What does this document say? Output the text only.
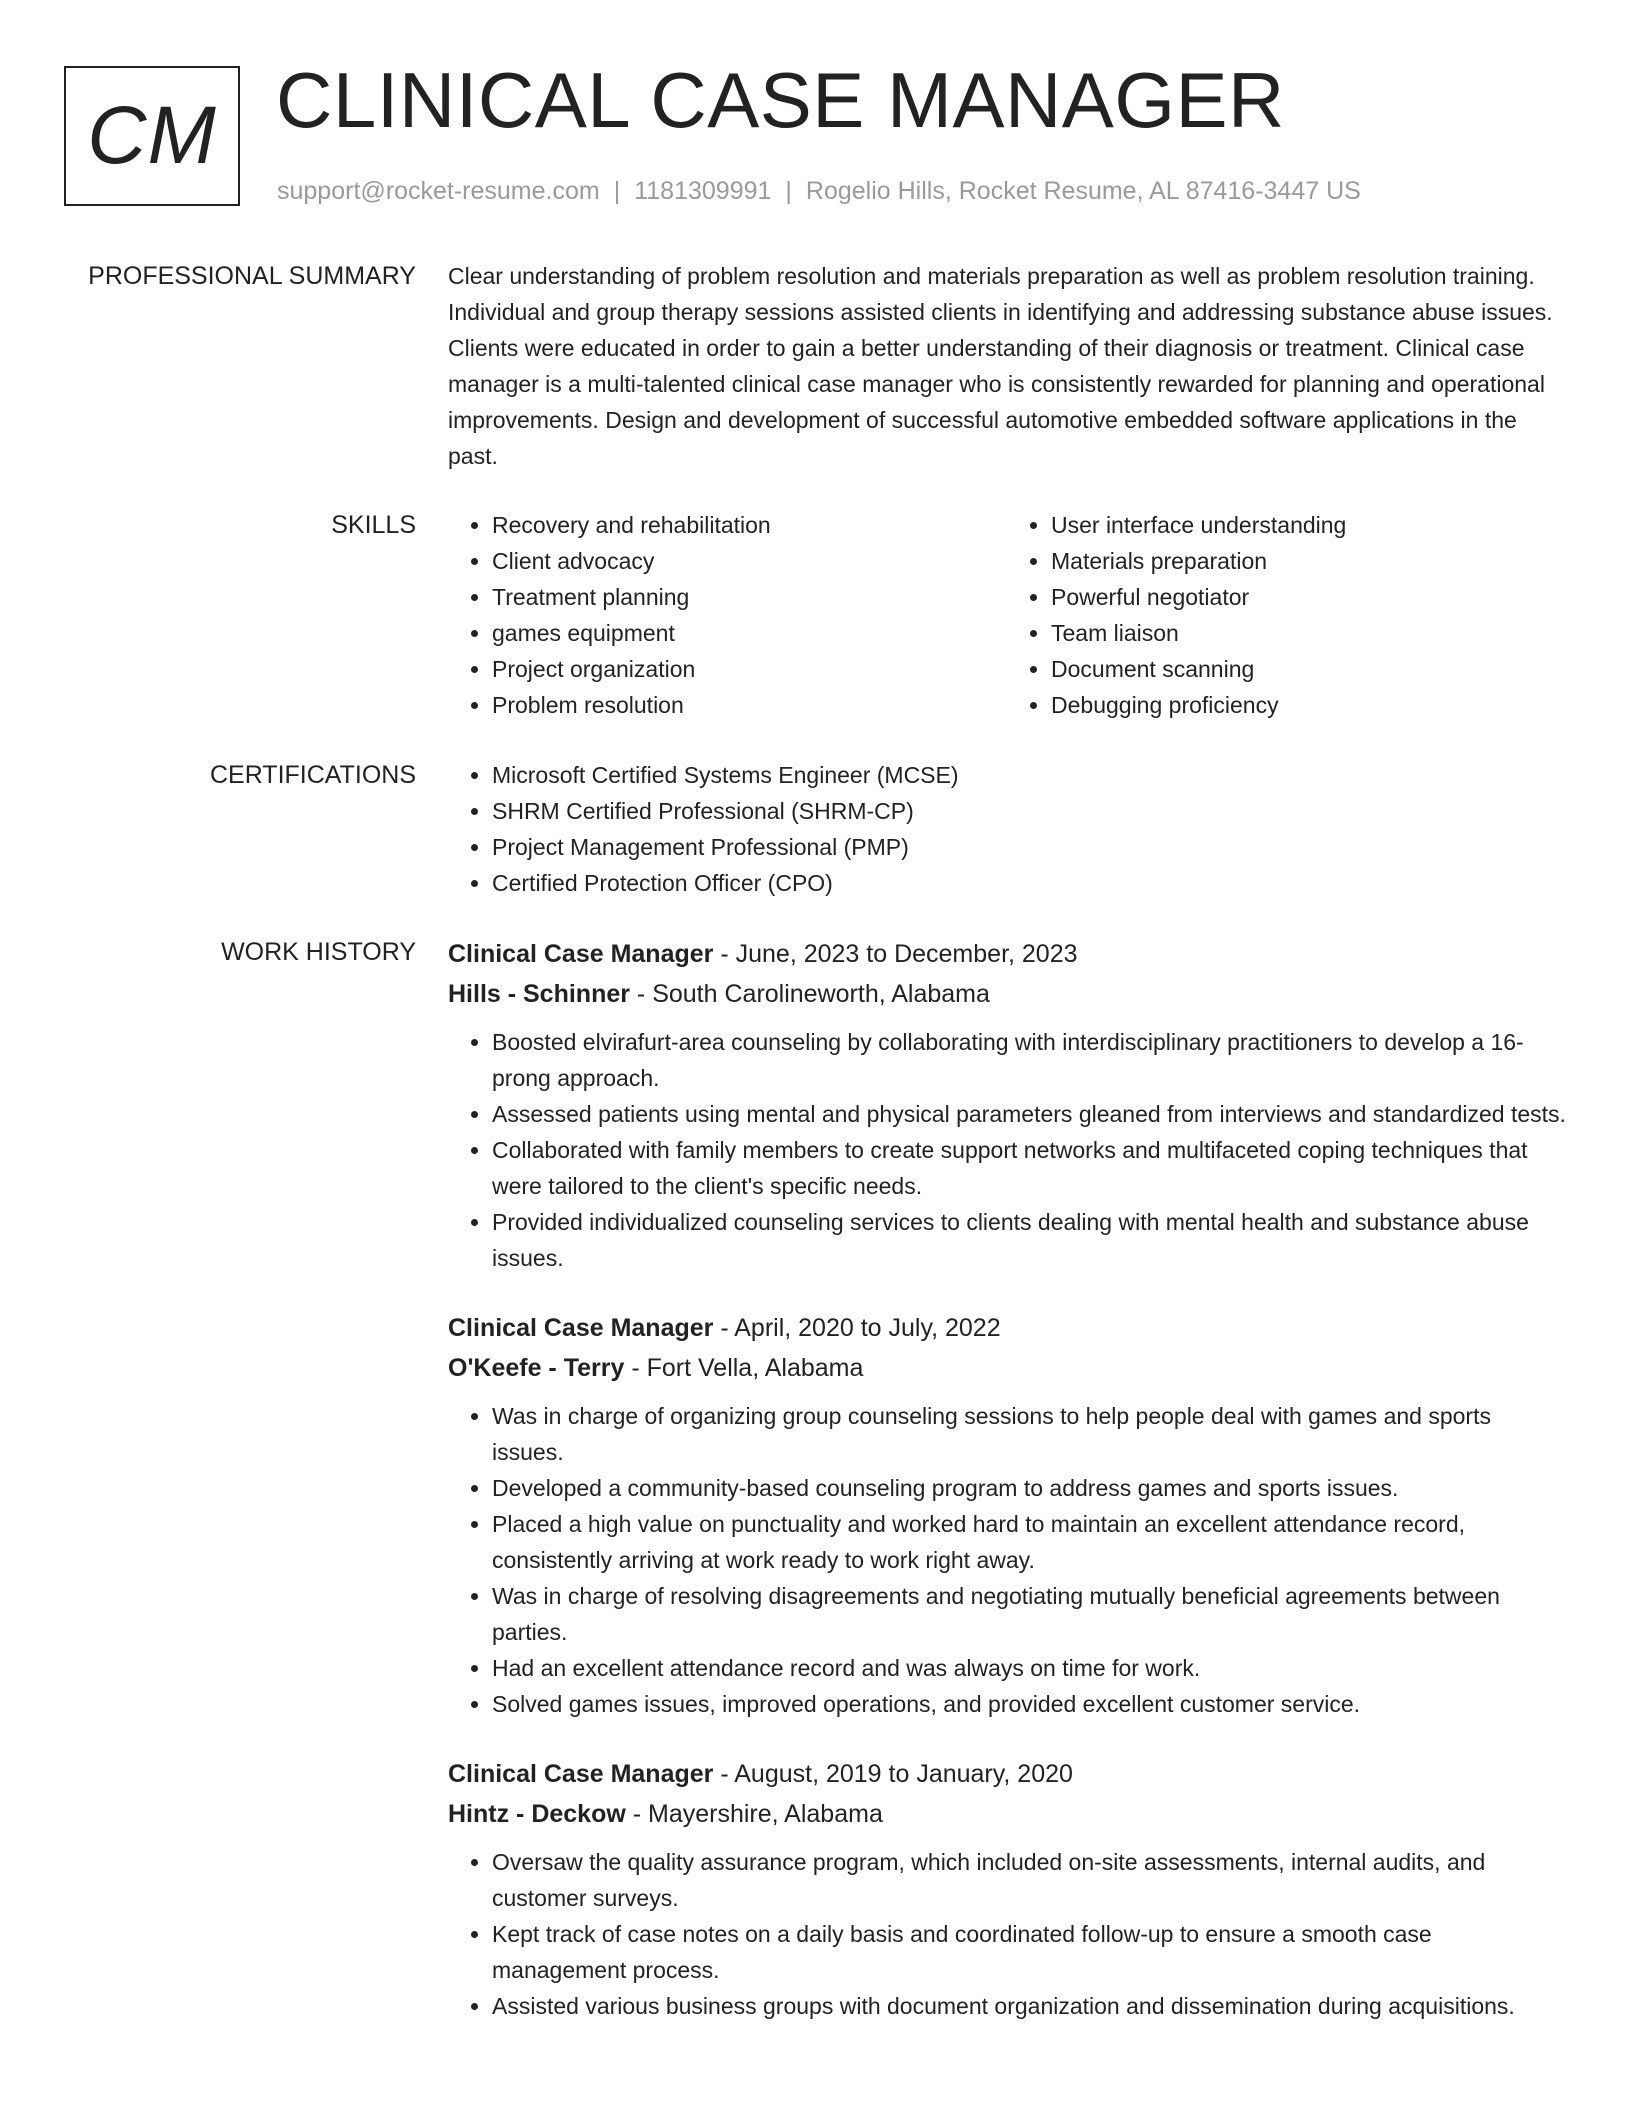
CM CLINICAL CASE MANAGER
support@rocket-resume.com | 1181309991 | Rogelio Hills, Rocket Resume, AL 87416-3447 US
PROFESSIONAL SUMMARY Clear understanding of problem resolution and materials preparation as well as problem resolution training. Individual and group therapy sessions assisted clients in identifying and addressing substance abuse issues. Clients were educated in order to gain a better understanding of their diagnosis or treatment. Clinical case manager is a multi-talented clinical case manager who is consistently rewarded for planning and operational improvements. Design and development of successful automotive embedded software applications in the past.

SKILLS	• Recovery and rehabilitation
• Client advocacy
• Treatment planning
• games equipment
• Project organization
• Problem resolution
• User interface understanding
• Materials preparation
• Powerful negotiator
• Team liaison
• Document scanning
• Debugging proficiency
CERTIFICATIONS	• Microsoft Certified Systems Engineer (MCSE)
• SHRM Certified Professional (SHRM-CP)
• Project Management Professional (PMP)
• Certified Protection Officer (CPO)
WORK HISTORY Clinical Case Manager - June, 2023 to December, 2023
Hills - Schinner - South Carolineworth, Alabama
• Boosted elvirafurt-area counseling by collaborating with interdisciplinary practitioners to develop a 16-prong approach.
• Assessed patients using mental and physical parameters gleaned from interviews and standardized tests.
• Collaborated with family members to create support networks and multifaceted coping techniques that were tailored to the client's specific needs.
• Provided individualized counseling services to clients dealing with mental health and substance abuse issues.
Clinical Case Manager - April, 2020 to July, 2022
O'Keefe - Terry - Fort Vella, Alabama
• Was in charge of organizing group counseling sessions to help people deal with games and sports issues.
• Developed a community-based counseling program to address games and sports issues.
• Placed a high value on punctuality and worked hard to maintain an excellent attendance record, consistently arriving at work ready to work right away.
• Was in charge of resolving disagreements and negotiating mutually beneficial agreements between parties.
• Had an excellent attendance record and was always on time for work.
• Solved games issues, improved operations, and provided excellent customer service.
Clinical Case Manager - August, 2019 to January, 2020
Hintz - Deckow - Mayershire, Alabama
• Oversaw the quality assurance program, which included on-site assessments, internal audits, and customer surveys.
• Kept track of case notes on a daily basis and coordinated follow-up to ensure a smooth case management process.
• Assisted various business groups with document organization and dissemination during acquisitions.
